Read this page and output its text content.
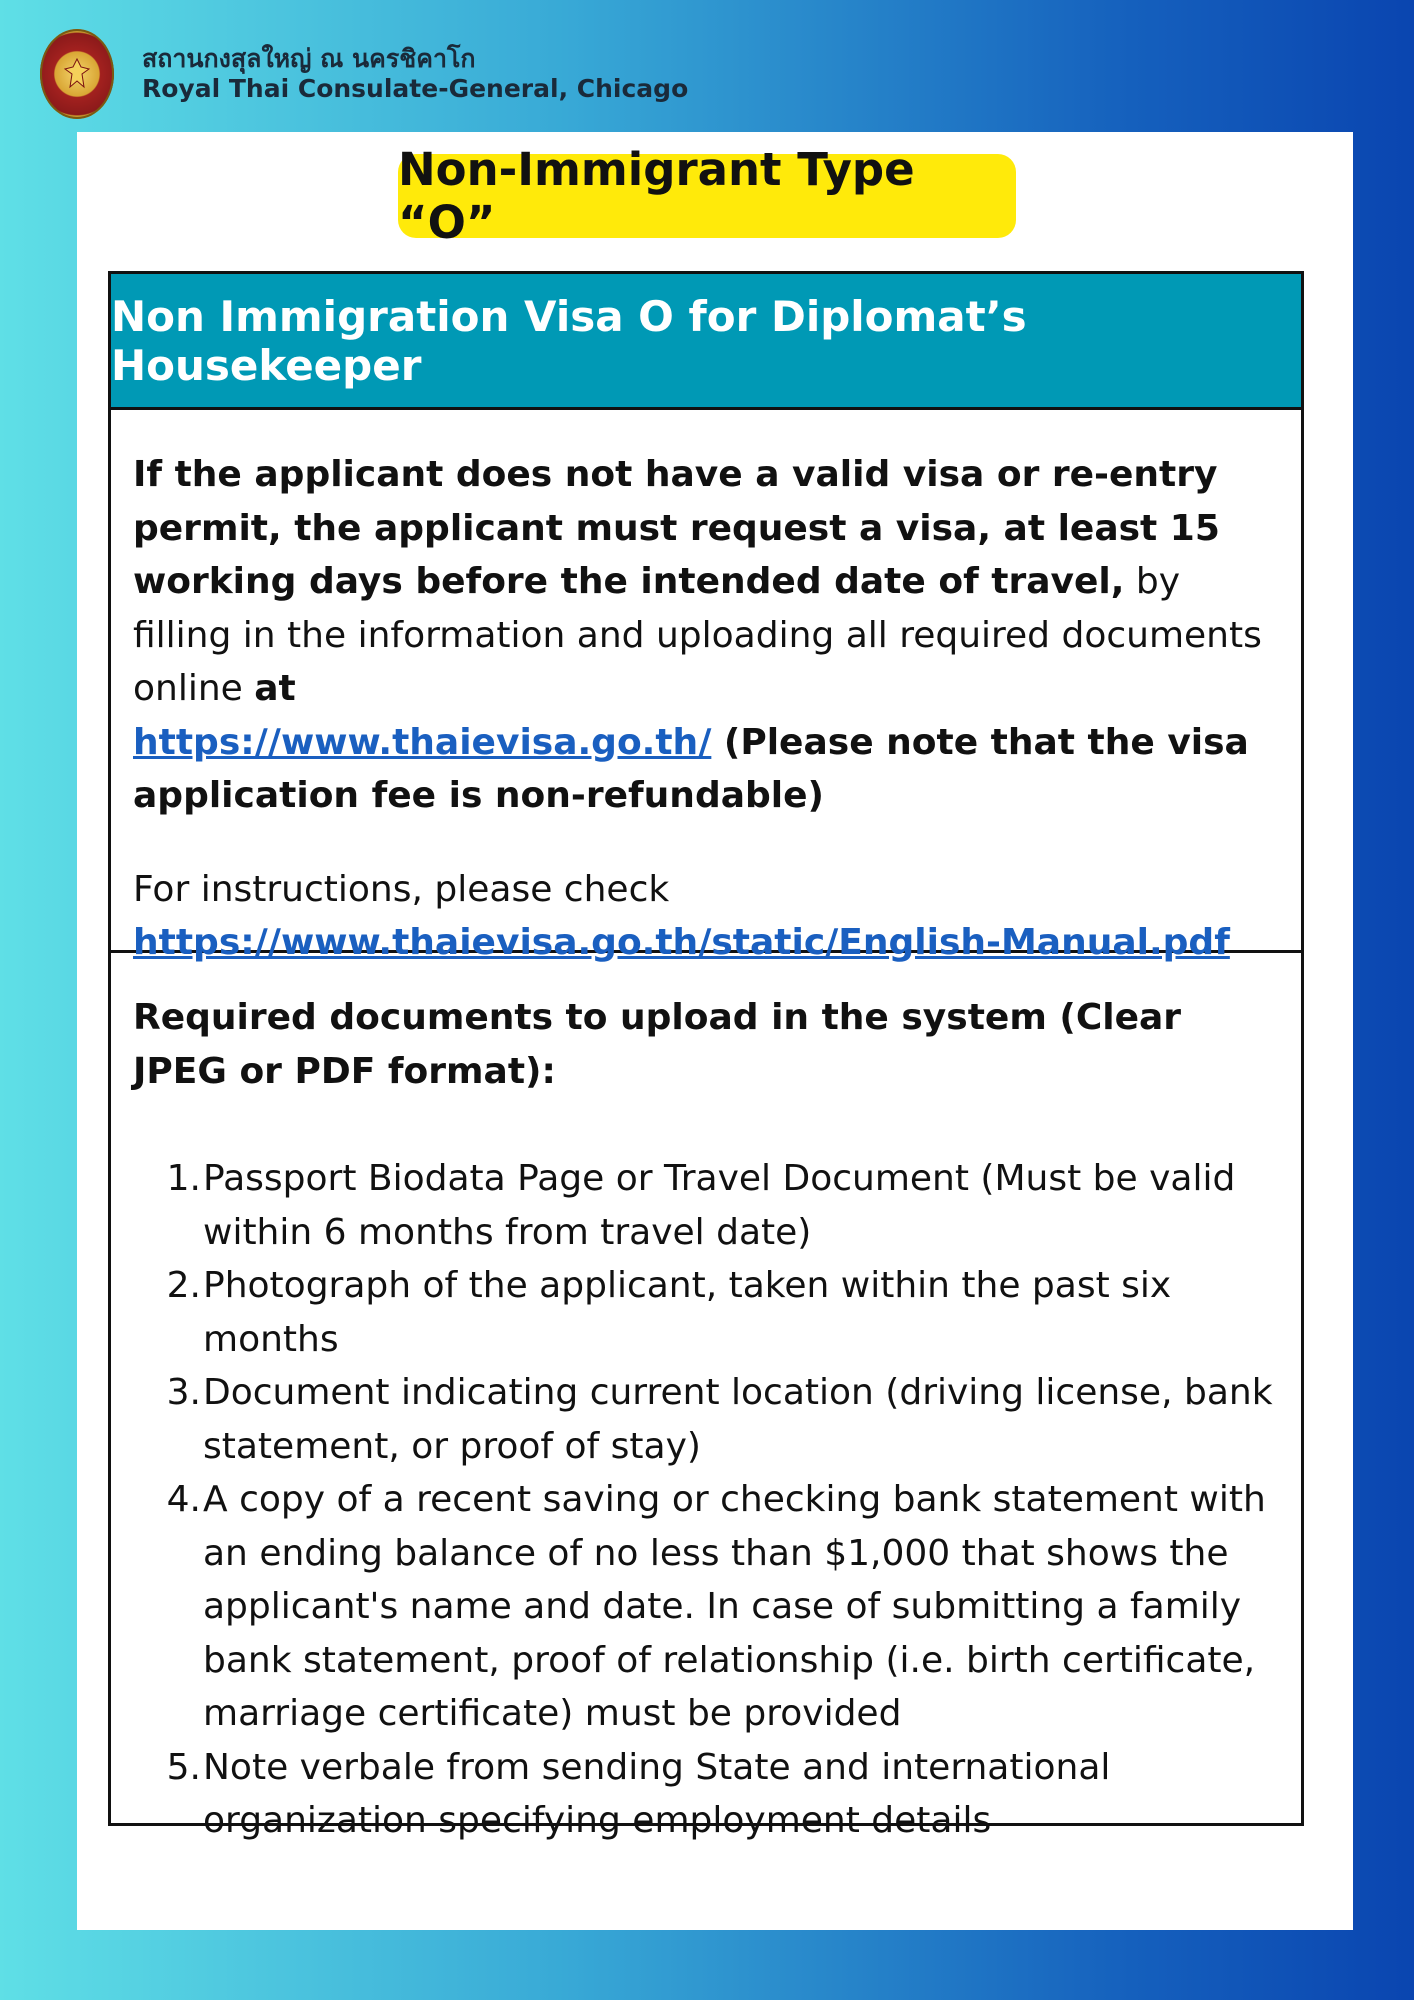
สถานกงสุลใหญ่ ณ นครชิคาโก
Royal Thai Consulate-General, Chicago
Non-Immigrant Type “O”
Non Immigration Visa O for Diplomat’s Housekeeper

If the applicant does not have a valid visa or re-entry permit, the applicant must request a visa, at least 15 working days before the intended date of travel, by filling in the information and uploading all required documents online at
https://www.thaievisa.go.th/ (Please note that the visa application fee is non-refundable)

For instructions, please check
https://www.thaievisa.go.th/static/English-Manual.pdf

Required documents to upload in the system (Clear JPEG or PDF format):

1. Passport Biodata Page or Travel Document (Must be valid within 6 months from travel date)
2. Photograph of the applicant, taken within the past six months
3. Document indicating current location (driving license, bank statement, or proof of stay)
4. A copy of a recent saving or checking bank statement with an ending balance of no less than $1,000 that shows the applicant's name and date. In case of submitting a family bank statement, proof of relationship (i.e. birth certificate, marriage certificate) must be provided
5. Note verbale from sending State and international organization specifying employment details
